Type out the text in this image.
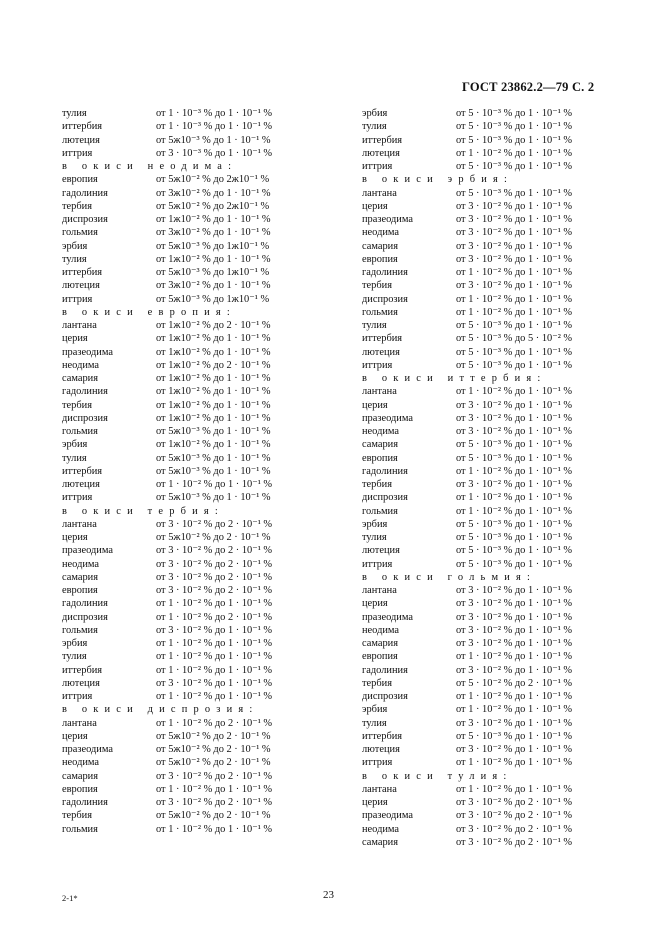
ГОСТ 23862.2—79 С. 2
тулия	от 1 · 10⁻³ % до 1 · 10⁻¹ %
иттербия	от 1 · 10⁻³ % до 1 · 10⁻¹ %
лютеция	от 5ж10⁻³ % до 1 · 10⁻¹ %
иттрия	от 3 · 10⁻³ % до 1 · 10⁻¹ %
в окиси неодима:
европия	от 5ж10⁻² % до 2ж10⁻¹ %
гадолиния	от 3ж10⁻² % до 1 · 10⁻¹ %
тербия	от 5ж10⁻² % до 2ж10⁻¹ %
диспрозия	от 1ж10⁻² % до 1 · 10⁻¹ %
гольмия	от 3ж10⁻² % до 1 · 10⁻¹ %
эрбия	от 5ж10⁻³ % до 1ж10⁻¹ %
тулия	от 1ж10⁻² % до 1 · 10⁻¹ %
иттербия	от 5ж10⁻³ % до 1ж10⁻¹ %
лютеция	от 3ж10⁻² % до 1 · 10⁻¹ %
иттрия	от 5ж10⁻³ % до 1ж10⁻¹ %
в окиси европия:
лантана	от 1ж10⁻² % до 2 · 10⁻¹ %
церия	от 1ж10⁻² % до 1 · 10⁻¹ %
празеодима	от 1ж10⁻² % до 1 · 10⁻¹ %
неодима	от 1ж10⁻² % до 2 · 10⁻¹ %
самария	от 1ж10⁻² % до 1 · 10⁻¹ %
гадолиния	от 1ж10⁻² % до 1 · 10⁻¹ %
тербия	от 1ж10⁻² % до 1 · 10⁻¹ %
диспрозия	от 1ж10⁻² % до 1 · 10⁻¹ %
гольмия	от 5ж10⁻³ % до 1 · 10⁻¹ %
эрбия	от 1ж10⁻² % до 1 · 10⁻¹ %
тулия	от 5ж10⁻³ % до 1 · 10⁻¹ %
иттербия	от 5ж10⁻³ % до 1 · 10⁻¹ %
лютеция	от 1 · 10⁻² % до 1 · 10⁻¹ %
иттрия	от 5ж10⁻³ % до 1 · 10⁻¹ %
в окиси тербия:
лантана	от 3 · 10⁻² % до 2 · 10⁻¹ %
церия	от 5ж10⁻² % до 2 · 10⁻¹ %
празеодима	от 3 · 10⁻² % до 2 · 10⁻¹ %
неодима	от 3 · 10⁻² % до 2 · 10⁻¹ %
самария	от 3 · 10⁻² % до 2 · 10⁻¹ %
европия	от 3 · 10⁻² % до 2 · 10⁻¹ %
гадолиния	от 1 · 10⁻² % до 1 · 10⁻¹ %
диспрозия	от 1 · 10⁻² % до 2 · 10⁻¹ %
гольмия	от 3 · 10⁻² % до 1 · 10⁻¹ %
эрбия	от 1 · 10⁻² % до 1 · 10⁻¹ %
тулия	от 1 · 10⁻² % до 1 · 10⁻¹ %
иттербия	от 1 · 10⁻² % до 1 · 10⁻¹ %
лютеция	от 3 · 10⁻² % до 1 · 10⁻¹ %
иттрия	от 1 · 10⁻² % до 1 · 10⁻¹ %
в окиси диспрозия:
лантана	от 1 · 10⁻² % до 2 · 10⁻¹ %
церия	от 5ж10⁻² % до 2 · 10⁻¹ %
празеодима	от 5ж10⁻² % до 2 · 10⁻¹ %
неодима	от 5ж10⁻² % до 2 · 10⁻¹ %
самария	от 3 · 10⁻² % до 2 · 10⁻¹ %
европия	от 1 · 10⁻² % до 1 · 10⁻¹ %
гадолиния	от 3 · 10⁻² % до 2 · 10⁻¹ %
тербия	от 5ж10⁻² % до 2 · 10⁻¹ %
гольмия	от 1 · 10⁻² % до 1 · 10⁻¹ %
эрбия	от 5 · 10⁻³ % до 1 · 10⁻¹ %
тулия	от 5 · 10⁻³ % до 1 · 10⁻¹ %
иттербия	от 5 · 10⁻³ % до 1 · 10⁻¹ %
лютеция	от 1 · 10⁻² % до 1 · 10⁻¹ %
иттрия	от 5 · 10⁻³ % до 1 · 10⁻¹ %
в окиси эрбия:
лантана	от 5 · 10⁻³ % до 1 · 10⁻¹ %
церия	от 3 · 10⁻² % до 1 · 10⁻¹ %
празеодима	от 3 · 10⁻² % до 1 · 10⁻¹ %
неодима	от 3 · 10⁻² % до 1 · 10⁻¹ %
самария	от 3 · 10⁻² % до 1 · 10⁻¹ %
европия	от 3 · 10⁻² % до 1 · 10⁻¹ %
гадолиния	от 1 · 10⁻² % до 1 · 10⁻¹ %
тербия	от 3 · 10⁻² % до 1 · 10⁻¹ %
диспрозия	от 1 · 10⁻² % до 1 · 10⁻¹ %
гольмия	от 1 · 10⁻² % до 1 · 10⁻¹ %
тулия	от 5 · 10⁻³ % до 1 · 10⁻¹ %
иттербия	от 5 · 10⁻³ % до 5 · 10⁻² %
лютеция	от 5 · 10⁻³ % до 1 · 10⁻¹ %
иттрия	от 5 · 10⁻³ % до 1 · 10⁻¹ %
в окиси иттербия:
лантана	от 1 · 10⁻² % до 1 · 10⁻¹ %
церия	от 3 · 10⁻² % до 1 · 10⁻¹ %
празеодима	от 3 · 10⁻² % до 1 · 10⁻¹ %
неодима	от 3 · 10⁻² % до 1 · 10⁻¹ %
самария	от 5 · 10⁻³ % до 1 · 10⁻¹ %
европия	от 5 · 10⁻³ % до 1 · 10⁻¹ %
гадолиния	от 1 · 10⁻² % до 1 · 10⁻¹ %
тербия	от 3 · 10⁻² % до 1 · 10⁻¹ %
диспрозия	от 1 · 10⁻² % до 1 · 10⁻¹ %
гольмия	от 1 · 10⁻² % до 1 · 10⁻¹ %
эрбия	от 5 · 10⁻³ % до 1 · 10⁻¹ %
тулия	от 5 · 10⁻³ % до 1 · 10⁻¹ %
лютеция	от 5 · 10⁻³ % до 1 · 10⁻¹ %
иттрия	от 5 · 10⁻³ % до 1 · 10⁻¹ %
в окиси гольмия:
лантана	от 3 · 10⁻² % до 1 · 10⁻¹ %
церия	от 3 · 10⁻² % до 1 · 10⁻¹ %
празеодима	от 3 · 10⁻² % до 1 · 10⁻¹ %
неодима	от 3 · 10⁻² % до 1 · 10⁻¹ %
самария	от 3 · 10⁻² % до 1 · 10⁻¹ %
европия	от 1 · 10⁻² % до 1 · 10⁻¹ %
гадолиния	от 3 · 10⁻² % до 1 · 10⁻¹ %
тербия	от 5 · 10⁻² % до 2 · 10⁻¹ %
диспрозия	от 1 · 10⁻² % до 1 · 10⁻¹ %
эрбия	от 1 · 10⁻² % до 1 · 10⁻¹ %
тулия	от 3 · 10⁻² % до 1 · 10⁻¹ %
иттербия	от 5 · 10⁻³ % до 1 · 10⁻¹ %
лютеция	от 3 · 10⁻² % до 1 · 10⁻¹ %
иттрия	от 1 · 10⁻² % до 1 · 10⁻¹ %
в окиси тулия:
лантана	от 1 · 10⁻² % до 1 · 10⁻¹ %
церия	от 3 · 10⁻² % до 2 · 10⁻¹ %
празеодима	от 3 · 10⁻² % до 2 · 10⁻¹ %
неодима	от 3 · 10⁻² % до 2 · 10⁻¹ %
самария	от 3 · 10⁻² % до 2 · 10⁻¹ %
2-1*	23
